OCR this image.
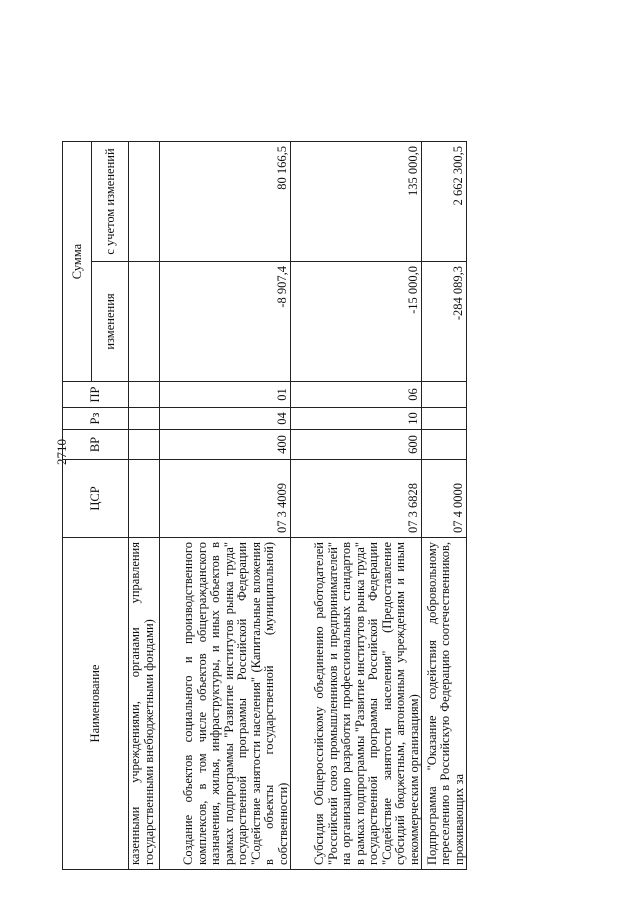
2710
Наименование	ЦСР	ВР	Рз	ПР	Сумма	
					изменения	с учетом изменений
казенными учреждениями, органами управления государственными внебюджетными фондами)						
Создание объектов социального и производственного комплексов, в том числе объектов общегражданского назначения, жилья, инфраструктуры, и иных объектов в рамках подпрограммы "Развитие институтов рынка труда" государственной программы Российской Федерации "Содействие занятости населения" (Капитальные вложения в объекты государственной (муниципальной) собственности)	07 3 4009	400	04	01	-8 907,4	80 166,5
Субсидия Общероссийскому объединению работодателей "Российский союз промышленников и предпринимателей" на организацию разработки профессиональных стандартов в рамках подпрограммы "Развитие институтов рынка труда" государственной программы Российской Федерации "Содействие занятости населения" (Предоставление субсидий бюджетным, автономным учреждениям и иным некоммерческим организациям)	07 3 6828	600	10	06	-15 000,0	135 000,0
Подпрограмма "Оказание содействия добровольному переселению в Российскую Федерацию соотечественников, проживающих за	07 4 0000				-284 089,3	2 662 300,5
